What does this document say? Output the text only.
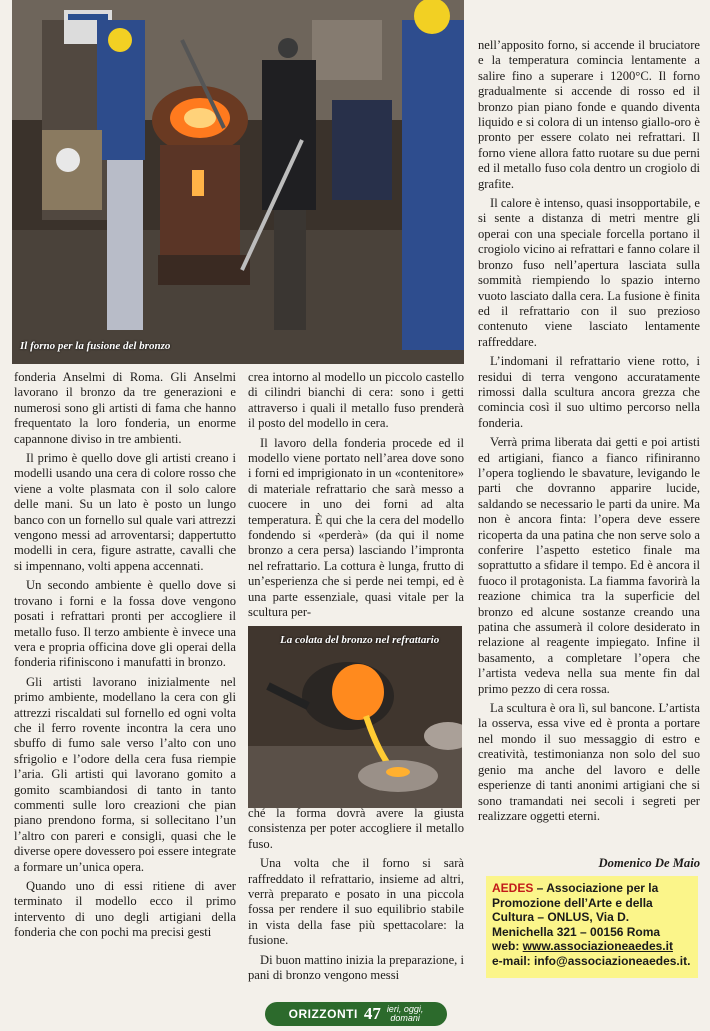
Il forno per la fusione del bronzo

fonderia Anselmi di Roma. Gli Anselmi lavorano il bronzo da tre generazioni e numerosi sono gli artisti di fama che hanno frequentato la loro fonderia, un enorme capannone diviso in tre ambienti.

Il primo è quello dove gli artisti creano i modelli usando una cera di colore rosso che viene a volte plasmata con il solo calore delle mani. Su un lato è posto un lungo banco con un fornello sul quale vari attrezzi vengono messi ad arroventarsi; dappertutto modelli in cera, figure astratte, cavalli che si impennano, volti appena accennati.

Un secondo ambiente è quello dove si trovano i forni e la fossa dove vengono posati i refrattari pronti per accogliere il metallo fuso. Il terzo ambiente è invece una vera e propria officina dove gli operai della fonderia rifiniscono i manufatti in bronzo.

Gli artisti lavorano inizialmente nel primo ambiente, modellano la cera con gli attrezzi riscaldati sul fornello ed ogni volta che il ferro rovente incontra la cera uno sbuffo di fumo sale verso l’alto con uno sfrigolio e l’odore della cera fusa riempie l’aria. Gli artisti qui lavorano gomito a gomito scambiandosi di tanto in tanto commenti sulle loro creazioni che pian piano prendono forma, si sollecitano l’un l’altro con pareri e consigli, quasi che le diverse opere dovessero poi essere integrate a formare un’unica opera.

Quando uno di essi ritiene di aver terminato il modello ecco il primo intervento di uno degli artigiani della fonderia che con pochi ma precisi gesti

crea intorno al modello un piccolo castello di cilindri bianchi di cera: sono i getti attraverso i quali il metallo fuso prenderà il posto del modello in cera.

Il lavoro della fonderia procede ed il modello viene portato nell’area dove sono i forni ed imprigionato in un «contenitore» di materiale refrattario che sarà messo a cuocere in uno dei forni ad alta temperatura. È qui che la cera del modello fondendo si «perderà» (da qui il nome bronzo a cera persa) lasciando l’impronta nel refrattario. La cottura è lunga, frutto di un’esperienza che si perde nei tempi, ed è una parte essenziale, quasi vitale per la scultura per-

La colata del bronzo nel refrattario

ché la forma dovrà avere la giusta consistenza per poter accogliere il metallo fuso.

Una volta che il forno si sarà raffreddato il refrattario, insieme ad altri, verrà preparato e posato in una piccola fossa per rendere il suo equilibrio stabile in vista della fase più spettacolare: la fusione.

Di buon mattino inizia la preparazione, i pani di bronzo vengono messi

nell’apposito forno, si accende il bruciatore e la temperatura comincia lentamente a salire fino a superare i 1200°C. Il forno gradualmente si accende di rosso ed il bronzo pian piano fonde e quando diventa liquido e si colora di un intenso giallo-oro è pronto per essere colato nei refrattari. Il forno viene allora fatto ruotare su due perni ed il metallo fuso cola dentro un crogiolo di grafite.

Il calore è intenso, quasi insopportabile, e si sente a distanza di metri mentre gli operai con una speciale forcella portano il crogiolo vicino ai refrattari e fanno colare il bronzo fuso nell’apertura lasciata sulla sommità riempiendo lo spazio interno vuoto lasciato dalla cera. La fusione è finita ed il refrattario con il suo prezioso contenuto viene lasciato lentamente raffreddare.

L’indomani il refrattario viene rotto, i residui di terra vengono accuratamente rimossi dalla scultura ancora grezza che comincia così il suo ultimo percorso nella fonderia.

Verrà prima liberata dai getti e poi artisti ed artigiani, fianco a fianco rifiniranno l’opera togliendo le sbavature, levigando le parti che dovranno apparire lucide, saldando se necessario le parti da unire. Ma non è ancora finta: l’opera deve essere ricoperta da una patina che non serve solo a conferire l’aspetto estetico finale ma soprattutto a sfidare il tempo. Ed è ancora il fuoco il protagonista. La fiamma favorirà la reazione chimica tra la superficie del bronzo ed alcune sostanze creando una patina che assumerà il colore desiderato in relazione al reagente impiegato. Infine il basamento, a completare l’opera che l’artista vedeva nella sua mente fin dal primo pezzo di cera rossa.

La scultura è ora lì, sul bancone. L’artista la osserva, essa vive ed è pronta a portare nel mondo il suo messaggio di estro e creatività, testimonianza non solo del suo genio ma anche del lavoro e delle esperienze di tanti anonimi artigiani che si sono tramandati nei secoli i segreti per realizzare oggetti eterni.

Domenico De Maio
AEDES – Associazione per la Promozione dell’Arte e della Cultura – ONLUS, Via D. Menichella 321 – 00156 Roma
web: www.associazioneaedes.it
e-mail: info@associazioneaedes.it.
ORIZZONTI 47 ieri, oggi,
domani
